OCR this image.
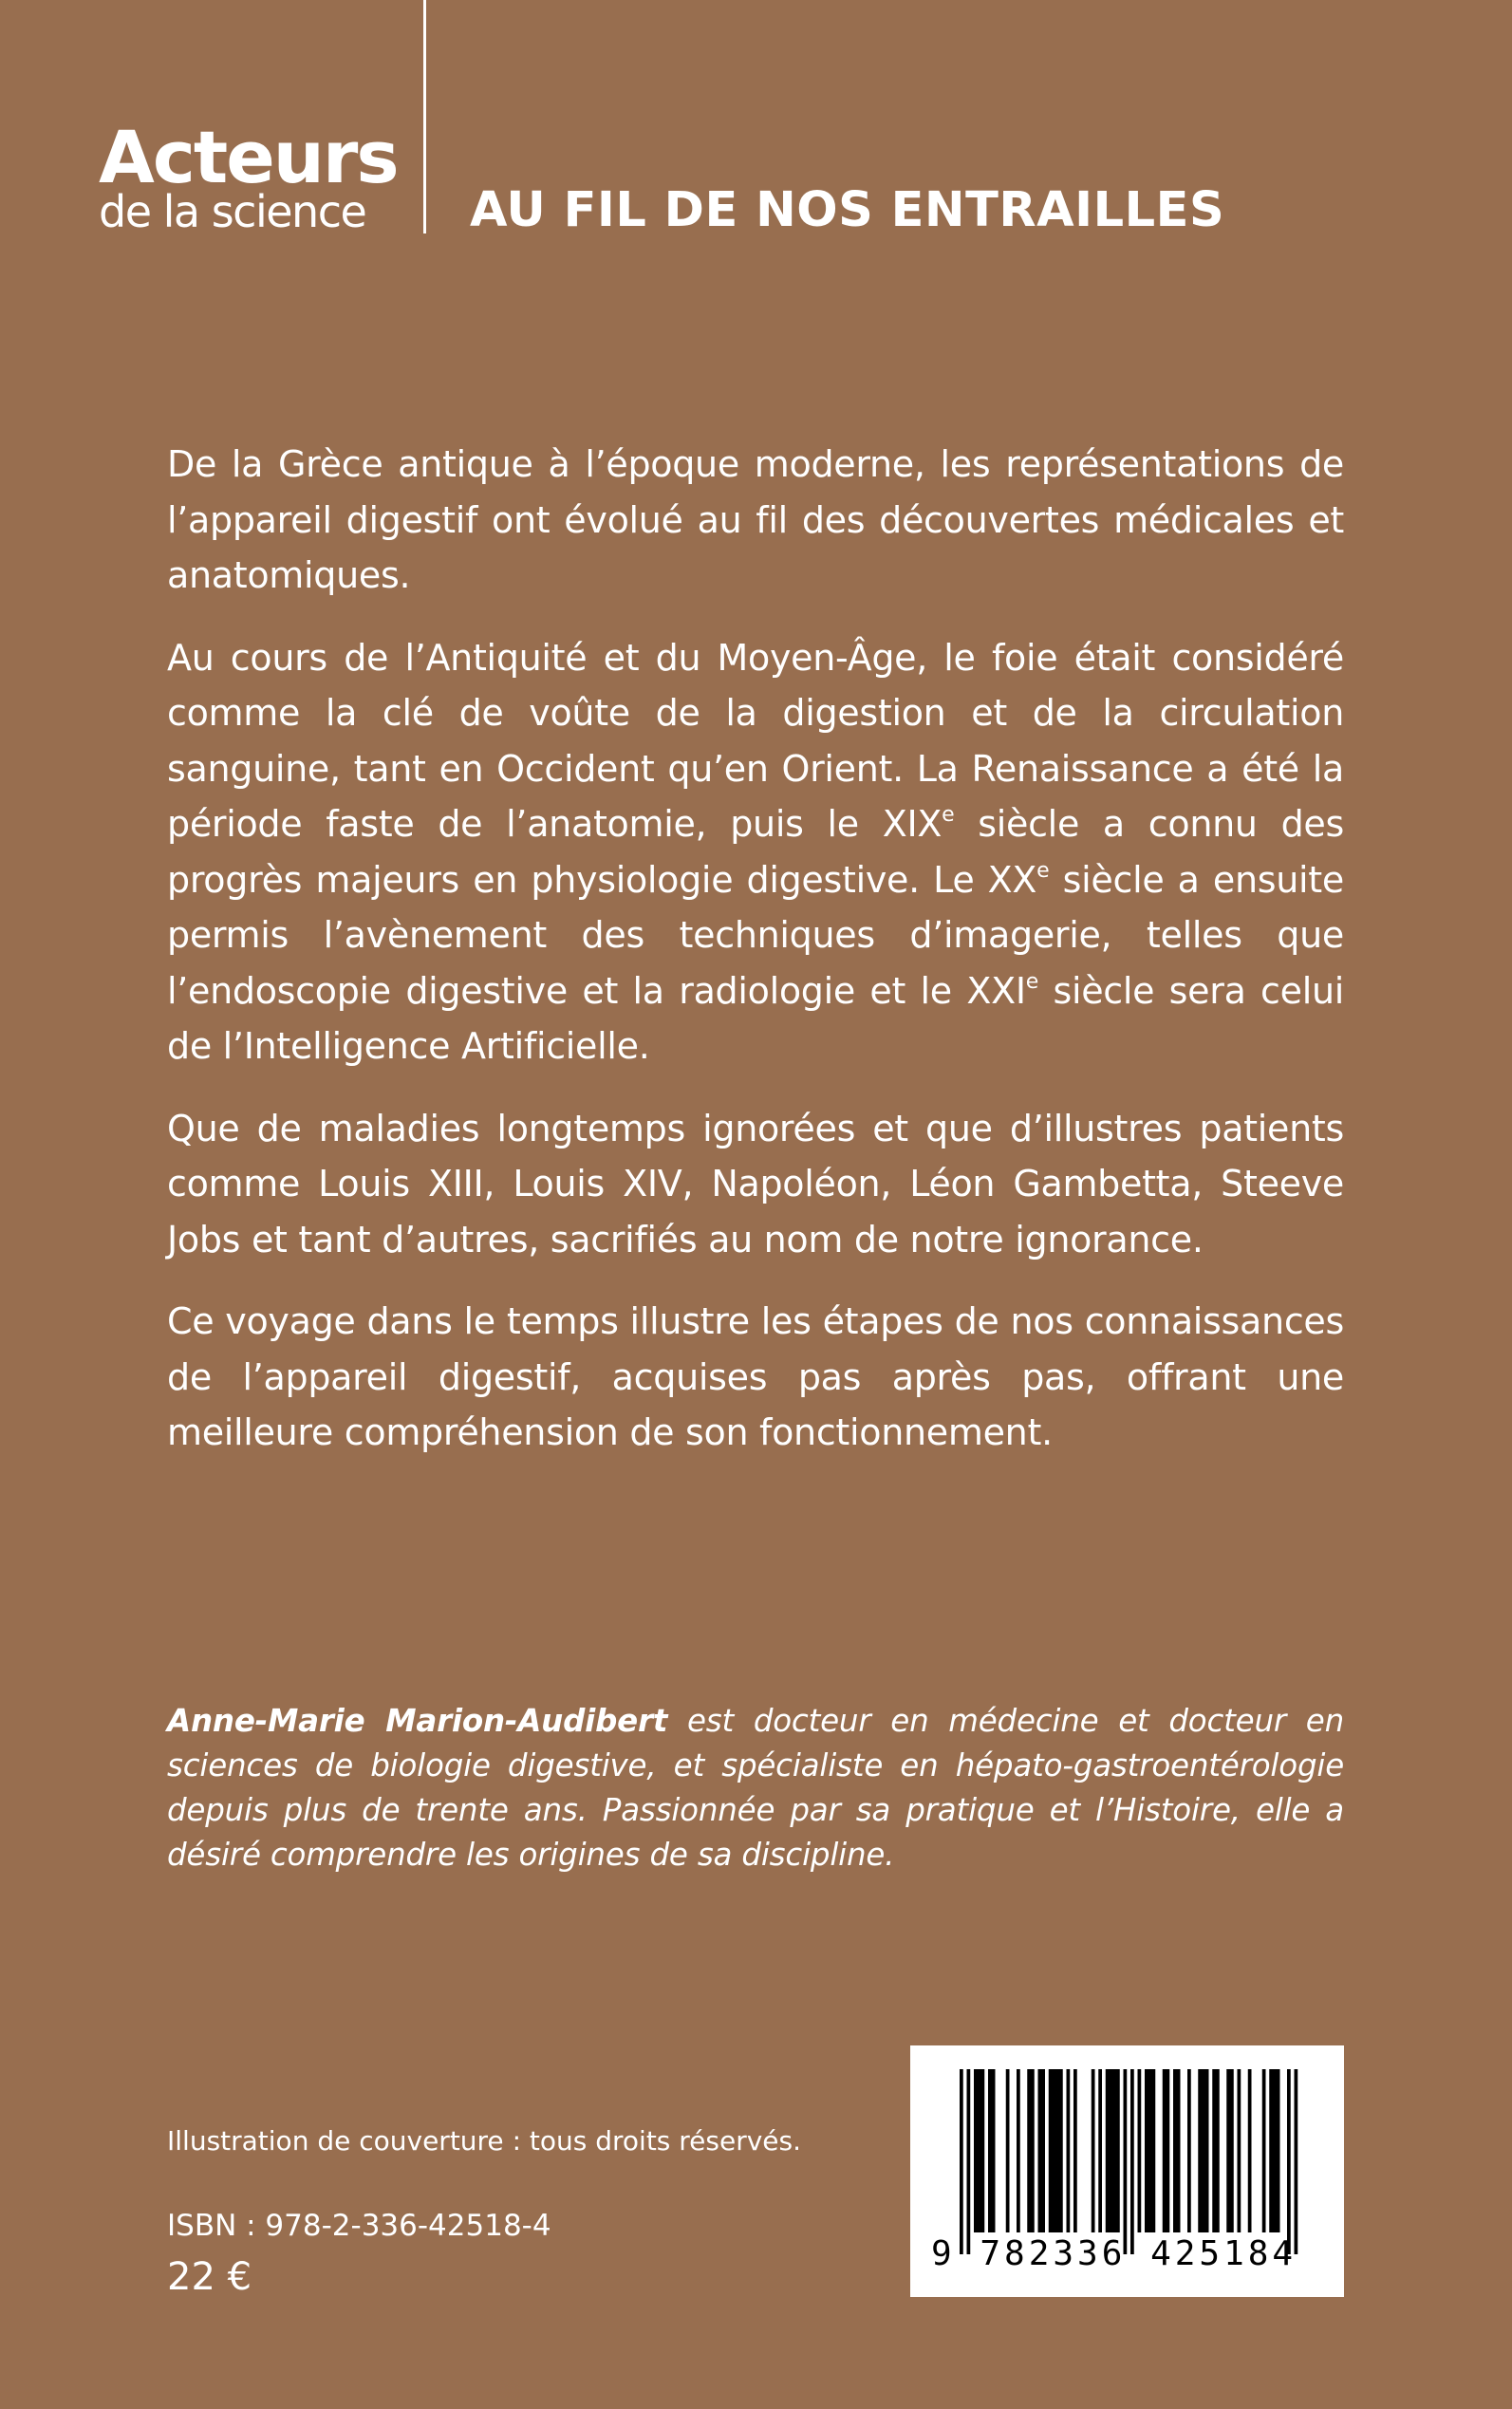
Acteurs

de la science	AU FIL DE NOS ENTRAILLES

De la Grèce antique à l’époque moderne, les représentations de l’appareil digestif ont évolué au fil des découvertes médicales et anatomiques.

Au cours de l’Antiquité et du Moyen-Âge, le foie était considéré comme la clé de voûte de la digestion et de la circulation sanguine, tant en Occident qu’en Orient. La Renaissance a été la période faste de l’anatomie, puis le XIXe siècle a connu des progrès majeurs en physiologie digestive. Le XXe siècle a ensuite permis l’avènement des techniques d’imagerie, telles que l’endoscopie digestive et la radiologie et le XXIe siècle sera celui de l’Intelligence Artificielle.

Que de maladies longtemps ignorées et que d’illustres patients comme Louis XIII, Louis XIV, Napoléon, Léon Gambetta, Steeve Jobs et tant d’autres, sacrifiés au nom de notre ignorance.

Ce voyage dans le temps illustre les étapes de nos connaissances de l’appareil digestif, acquises pas après pas, offrant une meilleure compréhension de son fonctionnement.

Anne-Marie Marion-Audibert est docteur en médecine et docteur en sciences de biologie digestive, et spécialiste en hépato-gastroentérologie depuis plus de trente ans. Passionnée par sa pratique et l’Histoire, elle a désiré comprendre les origines de sa discipline.

Illustration de couverture : tous droits réservés.
ISBN : 978-2-336-42518-4
22 €
9 782336 425184
